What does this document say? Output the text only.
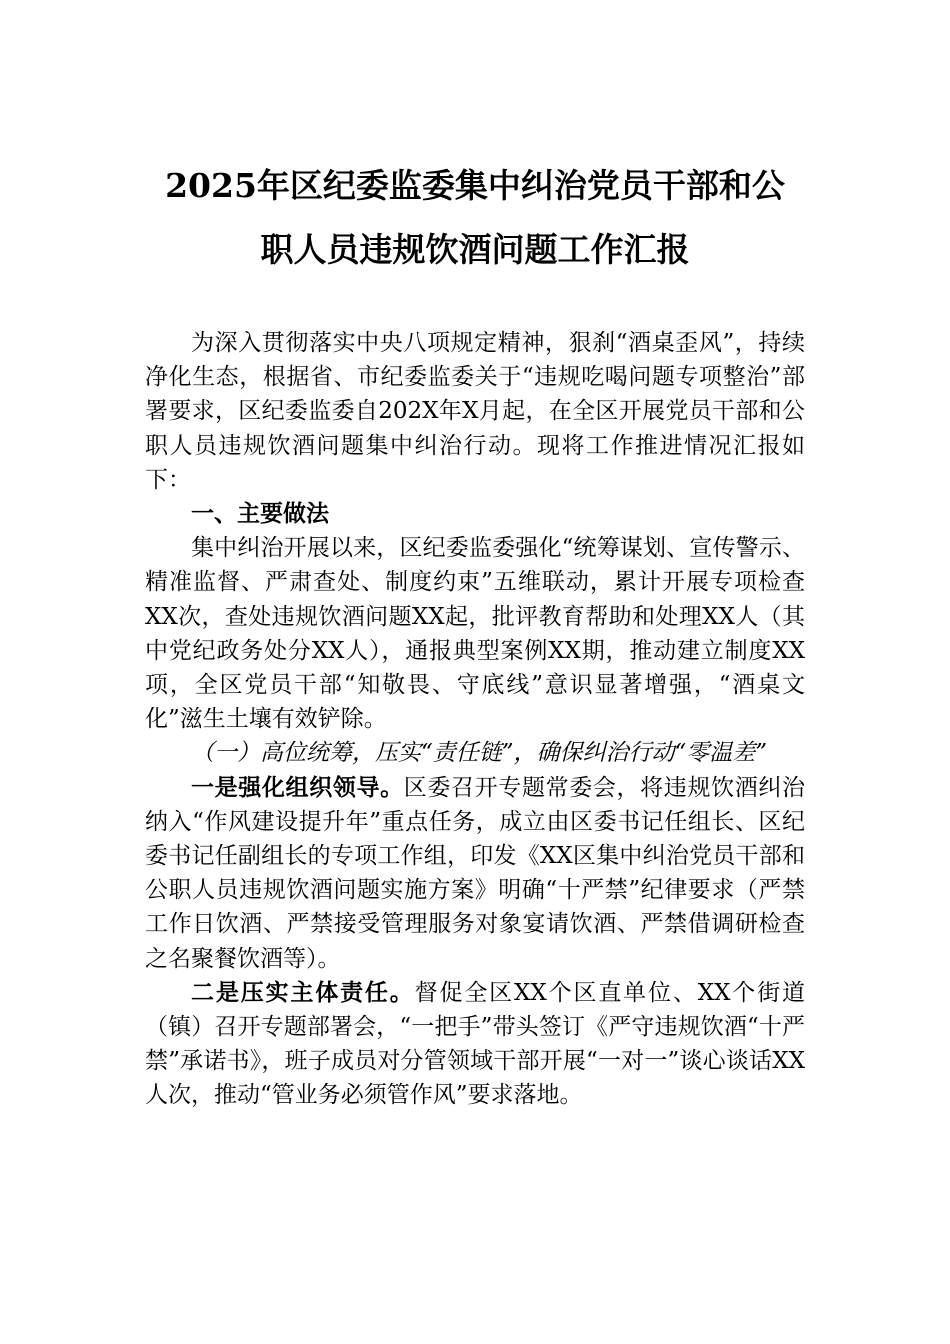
2025年区纪委监委集中纠治党员干部和公
职人员违规饮酒问题工作汇报

为深入贯彻落实中央八项规定精神，狠刹“酒桌歪风”，持续净化生态，根据省、市纪委监委关于“违规吃喝问题专项整治”部署要求，区纪委监委自202X年X月起，在全区开展党员干部和公职人员违规饮酒问题集中纠治行动。现将工作推进情况汇报如下：

一、主要做法

集中纠治开展以来，区纪委监委强化“统筹谋划、宣传警示、精准监督、严肃查处、制度约束”五维联动，累计开展专项检查XX次，查处违规饮酒问题XX起，批评教育帮助和处理XX人（其中党纪政务处分XX人），通报典型案例XX期，推动建立制度XX项，全区党员干部“知敬畏、守底线”意识显著增强，“酒桌文化”滋生土壤有效铲除。

（一）高位统筹，压实“责任链”，确保纠治行动“零温差”

一是强化组织领导。区委召开专题常委会，将违规饮酒纠治纳入“作风建设提升年”重点任务，成立由区委书记任组长、区纪委书记任副组长的专项工作组，印发《XX区集中纠治党员干部和公职人员违规饮酒问题实施方案》明确“十严禁”纪律要求（严禁工作日饮酒、严禁接受管理服务对象宴请饮酒、严禁借调研检查之名聚餐饮酒等）。

二是压实主体责任。督促全区XX个区直单位、XX个街道（镇）召开专题部署会，“一把手”带头签订《严守违规饮酒“十严禁”承诺书》，班子成员对分管领域干部开展“一对一”谈心谈话XX人次，推动“管业务必须管作风”要求落地。
